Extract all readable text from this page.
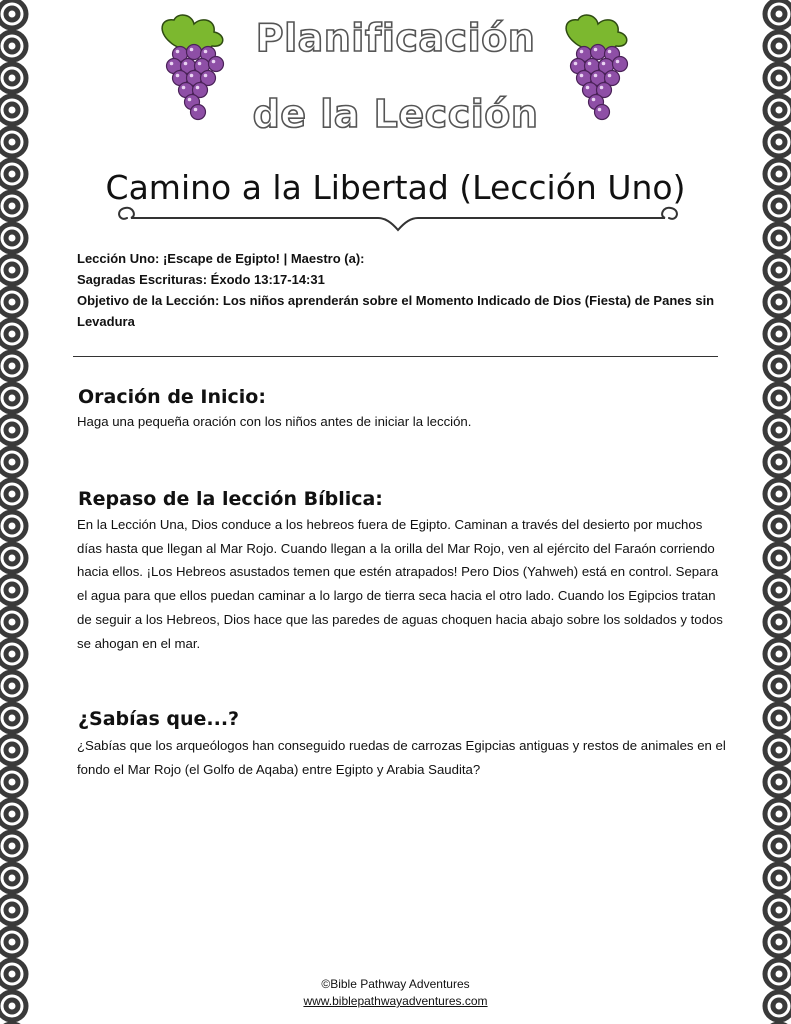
Planificación
de la Lección
Camino a la Libertad (Lección Uno)
Lección Uno: ¡Escape de Egipto! | Maestro (a):
Sagradas Escrituras: Éxodo 13:17-14:31
Objetivo de la Lección: Los niños aprenderán sobre el Momento Indicado de Dios (Fiesta) de Panes sin Levadura
Oración de Inicio:
Haga una pequeña oración con los niños antes de iniciar la lección.
Repaso de la lección Bíblica:
En la Lección Una, Dios conduce a los hebreos fuera de Egipto. Caminan a través del desierto por muchos días hasta que llegan al Mar Rojo. Cuando llegan a la orilla del Mar Rojo, ven al ejército del Faraón corriendo hacia ellos. ¡Los Hebreos asustados temen que estén atrapados! Pero Dios (Yahweh) está en control. Separa el agua para que ellos puedan caminar a lo largo de tierra seca hacia el otro lado. Cuando los Egipcios tratan de seguir a los Hebreos, Dios hace que las paredes de aguas choquen hacia abajo sobre los soldados y todos se ahogan en el mar.
¿Sabías que...?
¿Sabías que los arqueólogos han conseguido ruedas de carrozas Egipcias antiguas y restos de animales en el fondo el Mar Rojo (el Golfo de Aqaba) entre Egipto y Arabia Saudita?
©Bible Pathway Adventures
www.biblepathwayadventures.com
